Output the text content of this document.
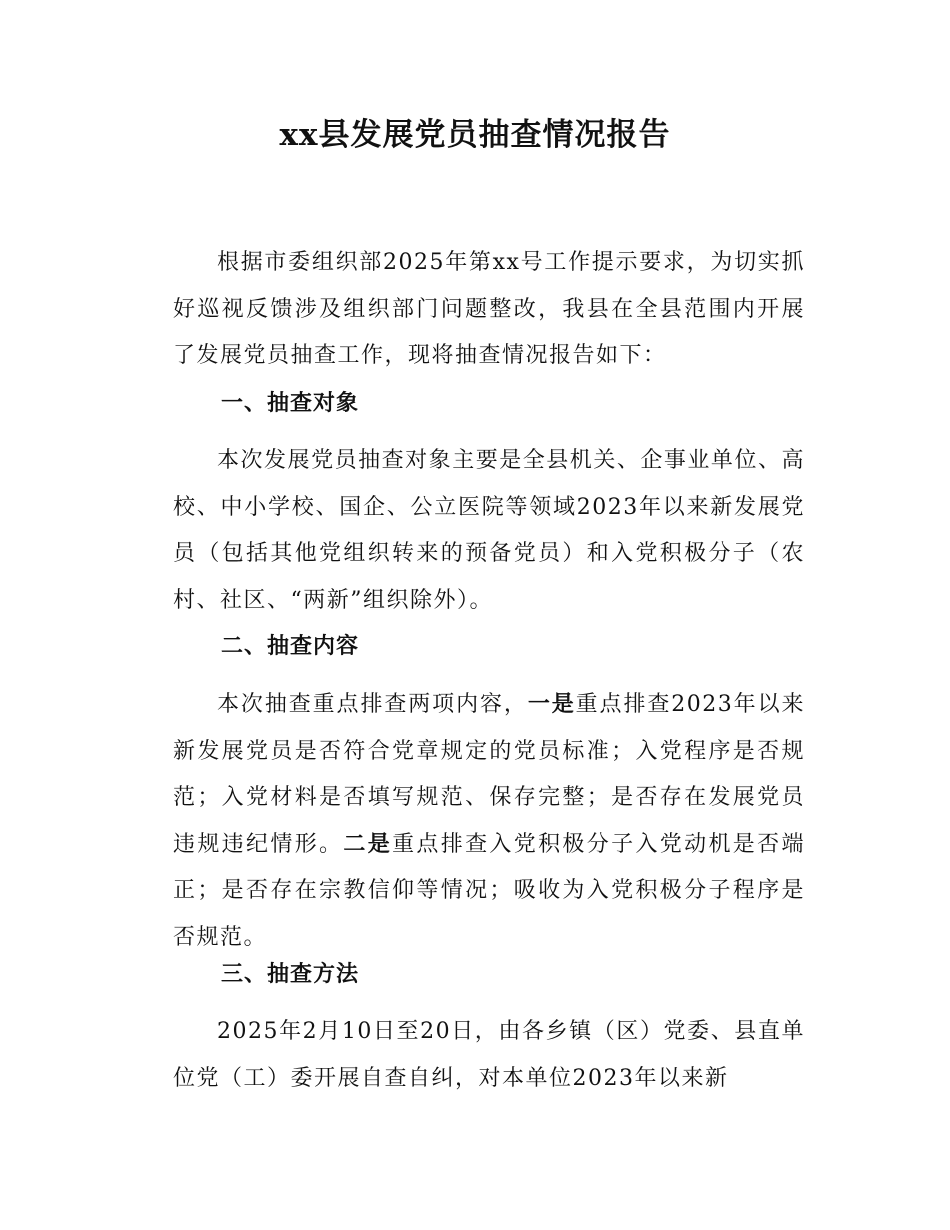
xx县发展党员抽查情况报告

根据市委组织部2025年第xx号工作提示要求，为切实抓好巡视反馈涉及组织部门问题整改，我县在全县范围内开展了发展党员抽查工作，现将抽查情况报告如下：

一、抽查对象

本次发展党员抽查对象主要是全县机关、企事业单位、高校、中小学校、国企、公立医院等领域2023年以来新发展党员（包括其他党组织转来的预备党员）和入党积极分子（农村、社区、“两新”组织除外）。

二、抽查内容

本次抽查重点排查两项内容，一是重点排查2023年以来新发展党员是否符合党章规定的党员标准；入党程序是否规范；入党材料是否填写规范、保存完整；是否存在发展党员违规违纪情形。二是重点排查入党积极分子入党动机是否端正；是否存在宗教信仰等情况；吸收为入党积极分子程序是否规范。

三、抽查方法

2025年2月10日至20日，由各乡镇（区）党委、县直单位党（工）委开展自查自纠，对本单位2023年以来新
